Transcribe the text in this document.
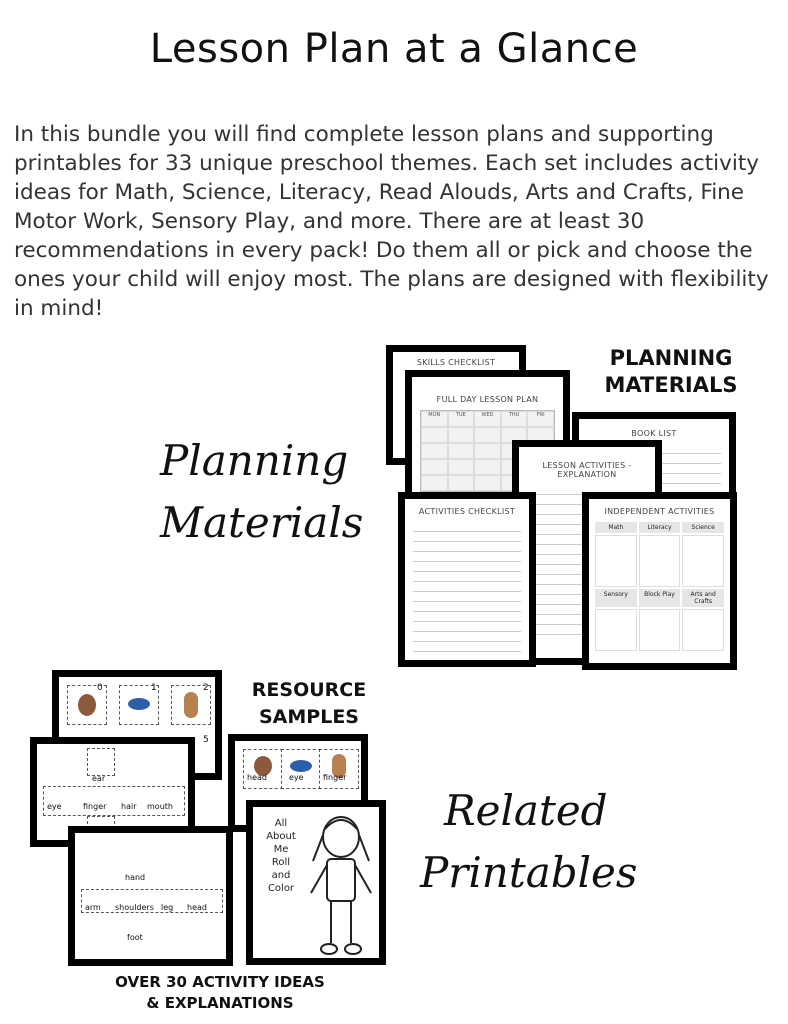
Lesson Plan at a Glance
In this bundle you will find complete lesson plans and supporting printables for 33 unique preschool themes. Each set includes activity ideas for Math, Science, Literacy, Read Alouds, Arts and Crafts, Fine Motor Work, Sensory Play, and more. There are at least 30 recommendations in every pack! Do them all or pick and choose the ones your child will enjoy most. The plans are designed with flexibility in mind!
Planning
Materials
PLANNING
MATERIALS
SKILLS CHECKLIST
FULL DAY LESSON PLAN
MON	TUE	WED	THU	FRI
BOOK LIST
LESSON ACTIVITIES - EXPLANATION
ACTIVITIES CHECKLIST	INDEPENDENT ACTIVITIES
Math	Literacy	Science
Sensory	Block Play	Arts and Crafts
RESOURCE
SAMPLES
0	1	2
5
ear
eye	finger hair mouth
head	eye finger
hand
arm shoulders leg head
foot
All
About
Me Roll
and
Color
Related
Printables
OVER 30 ACTIVITY IDEAS
& EXPLANATIONS
